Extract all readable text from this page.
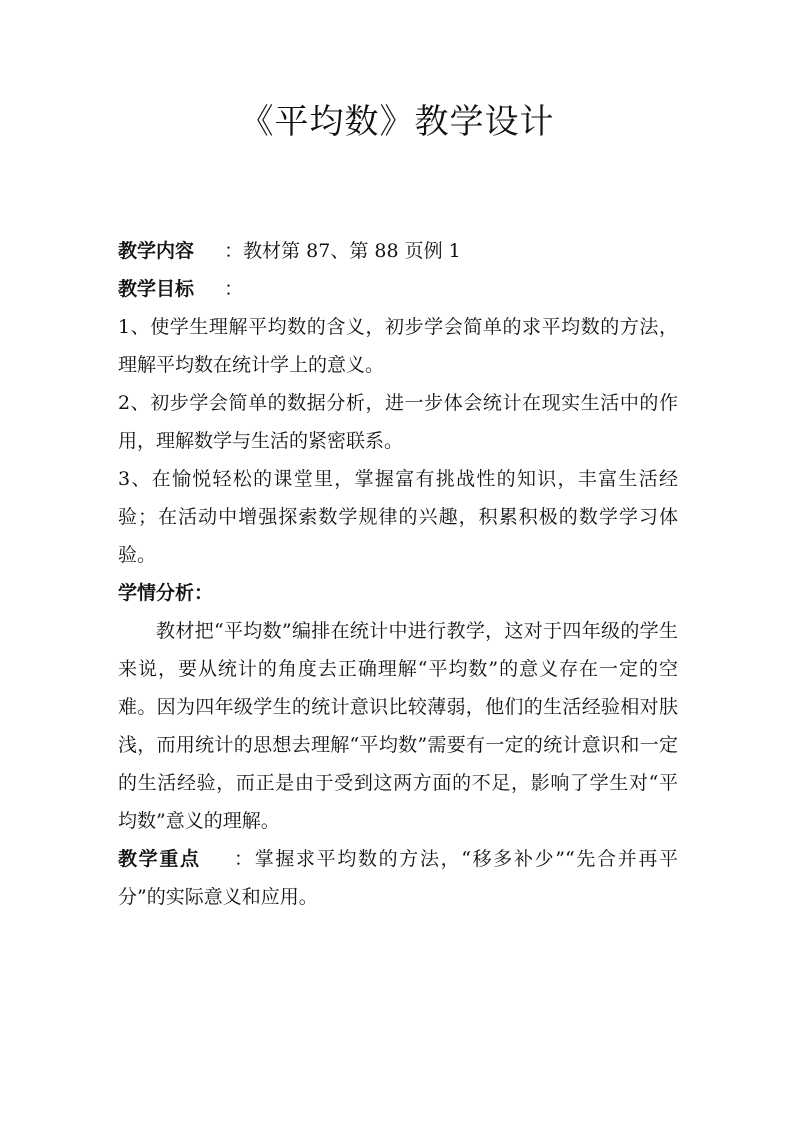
《平均数》教学设计

教学内容 ：教材第 87、第 88 页例 1

教学目标 ：

1、使学生理解平均数的含义，初步学会简单的求平均数的方法，理解平均数在统计学上的意义。

2、初步学会简单的数据分析，进一步体会统计在现实生活中的作用，理解数学与生活的紧密联系。

3、在愉悦轻松的课堂里，掌握富有挑战性的知识，丰富生活经验；在活动中增强探索数学规律的兴趣，积累积极的数学学习体验。

学情分析：

教材把“平均数”编排在统计中进行教学，这对于四年级的学生来说，要从统计的角度去正确理解“平均数”的意义存在一定的空难。因为四年级学生的统计意识比较薄弱，他们的生活经验相对肤浅，而用统计的思想去理解“平均数”需要有一定的统计意识和一定的生活经验，而正是由于受到这两方面的不足，影响了学生对“平均数”意义的理解。

教学重点 ：掌握求平均数的方法，“移多补少”“先合并再平分”的实际意义和应用。
